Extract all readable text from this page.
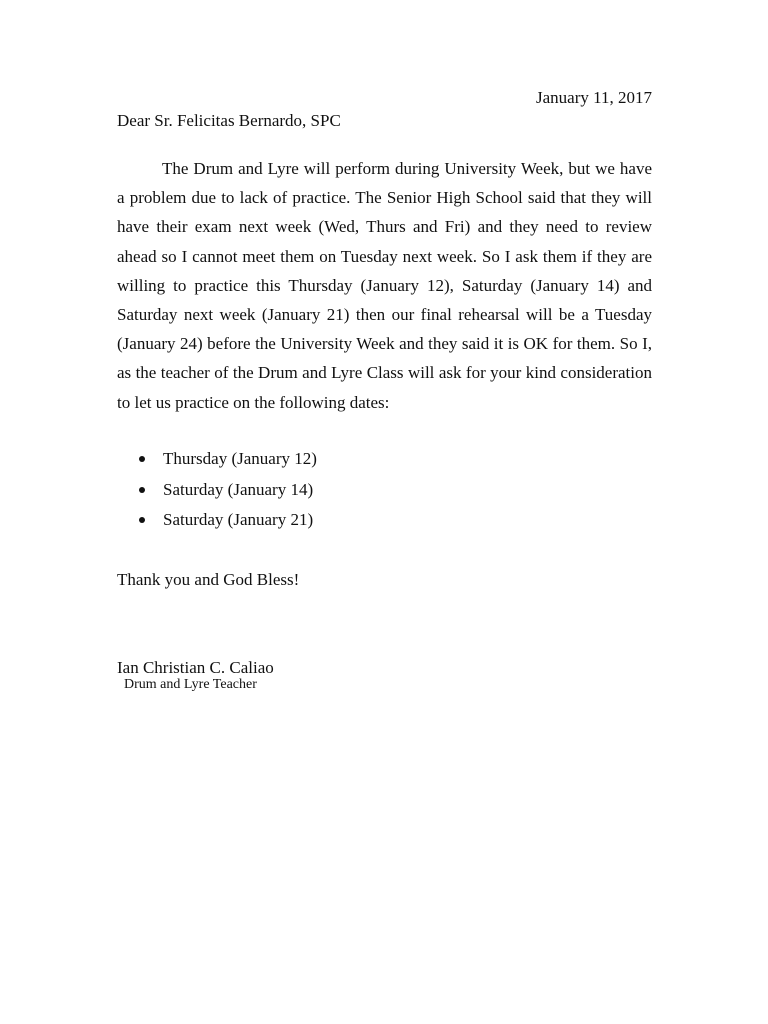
January 11, 2017
Dear Sr. Felicitas Bernardo, SPC

The Drum and Lyre will perform during University Week, but we have a problem due to lack of practice. The Senior High School said that they will have their exam next week (Wed, Thurs and Fri) and they need to review ahead so I cannot meet them on Tuesday next week. So I ask them if they are willing to practice this Thursday (January 12), Saturday (January 14) and Saturday next week (January 21) then our final rehearsal will be a Tuesday (January 24) before the University Week and they said it is OK for them. So I, as the teacher of the Drum and Lyre Class will ask for your kind consideration to let us practice on the following dates:

Thursday (January 12)
Saturday (January 14)
Saturday (January 21)
Thank you and God Bless!
Ian Christian C. Caliao
Drum and Lyre Teacher
